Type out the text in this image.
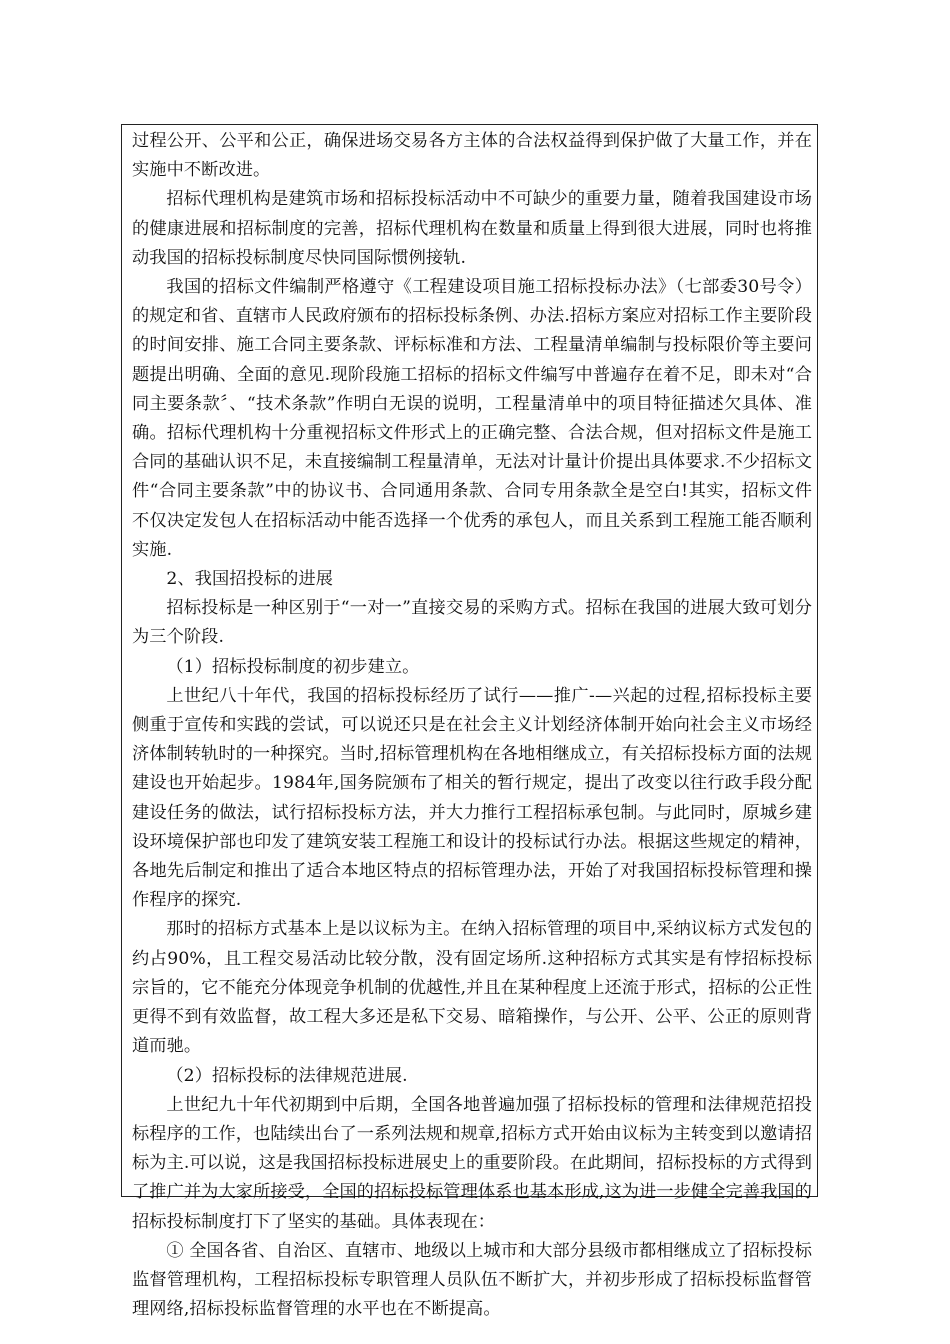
过程公开、公平和公正，确保进场交易各方主体的合法权益得到保护做了大量工作，并在实施中不断改进。

招标代理机构是建筑市场和招标投标活动中不可缺少的重要力量，随着我国建设市场的健康进展和招标制度的完善，招标代理机构在数量和质量上得到很大进展，同时也将推动我国的招标投标制度尽快同国际惯例接轨.

我国的招标文件编制严格遵守《工程建设项目施工招标投标办法》（七部委30号令）的规定和省、直辖市人民政府颁布的招标投标条例、办法.招标方案应对招标工作主要阶段的时间安排、施工合同主要条款、评标标准和方法、工程量清单编制与投标限价等主要问题提出明确、全面的意见.现阶段施工招标的招标文件编写中普遍存在着不足，即未对“合同主要条款〞、“技术条款”作明白无误的说明，工程量清单中的项目特征描述欠具体、准确。招标代理机构十分重视招标文件形式上的正确完整、合法合规，但对招标文件是施工合同的基础认识不足，未直接编制工程量清单，无法对计量计价提出具体要求.不少招标文件“合同主要条款”中的协议书、合同通用条款、合同专用条款全是空白!其实，招标文件不仅决定发包人在招标活动中能否选择一个优秀的承包人，而且关系到工程施工能否顺利实施.

2、我国招投标的进展

招标投标是一种区别于“一对一”直接交易的采购方式。招标在我国的进展大致可划分为三个阶段.

（1）招标投标制度的初步建立。

上世纪八十年代，我国的招标投标经历了试行——推广-—兴起的过程,招标投标主要侧重于宣传和实践的尝试，可以说还只是在社会主义计划经济体制开始向社会主义市场经济体制转轨时的一种探究。当时,招标管理机构在各地相继成立，有关招标投标方面的法规建设也开始起步。1984年,国务院颁布了相关的暂行规定，提出了改变以往行政手段分配建设任务的做法，试行招标投标方法，并大力推行工程招标承包制。与此同时，原城乡建设环境保护部也印发了建筑安装工程施工和设计的投标试行办法。根据这些规定的精神，各地先后制定和推出了适合本地区特点的招标管理办法，开始了对我国招标投标管理和操作程序的探究.

那时的招标方式基本上是以议标为主。在纳入招标管理的项目中,采纳议标方式发包的约占90%，且工程交易活动比较分散，没有固定场所.这种招标方式其实是有悖招标投标宗旨的，它不能充分体现竞争机制的优越性,并且在某种程度上还流于形式，招标的公正性更得不到有效监督，故工程大多还是私下交易、暗箱操作，与公开、公平、公正的原则背道而驰。

（2）招标投标的法律规范进展.

上世纪九十年代初期到中后期，全国各地普遍加强了招标投标的管理和法律规范招投标程序的工作，也陆续出台了一系列法规和规章,招标方式开始由议标为主转变到以邀请招标为主.可以说，这是我国招标投标进展史上的重要阶段。在此期间，招标投标的方式得到了推广并为大家所接受，全国的招标投标管理体系也基本形成,这为进一步健全完善我国的招标投标制度打下了坚实的基础。具体表现在：

① 全国各省、自治区、直辖市、地级以上城市和大部分县级市都相继成立了招标投标监督管理机构，工程招标投标专职管理人员队伍不断扩大，并初步形成了招标投标监督管理网络,招标投标监督管理的水平也在不断提高。
